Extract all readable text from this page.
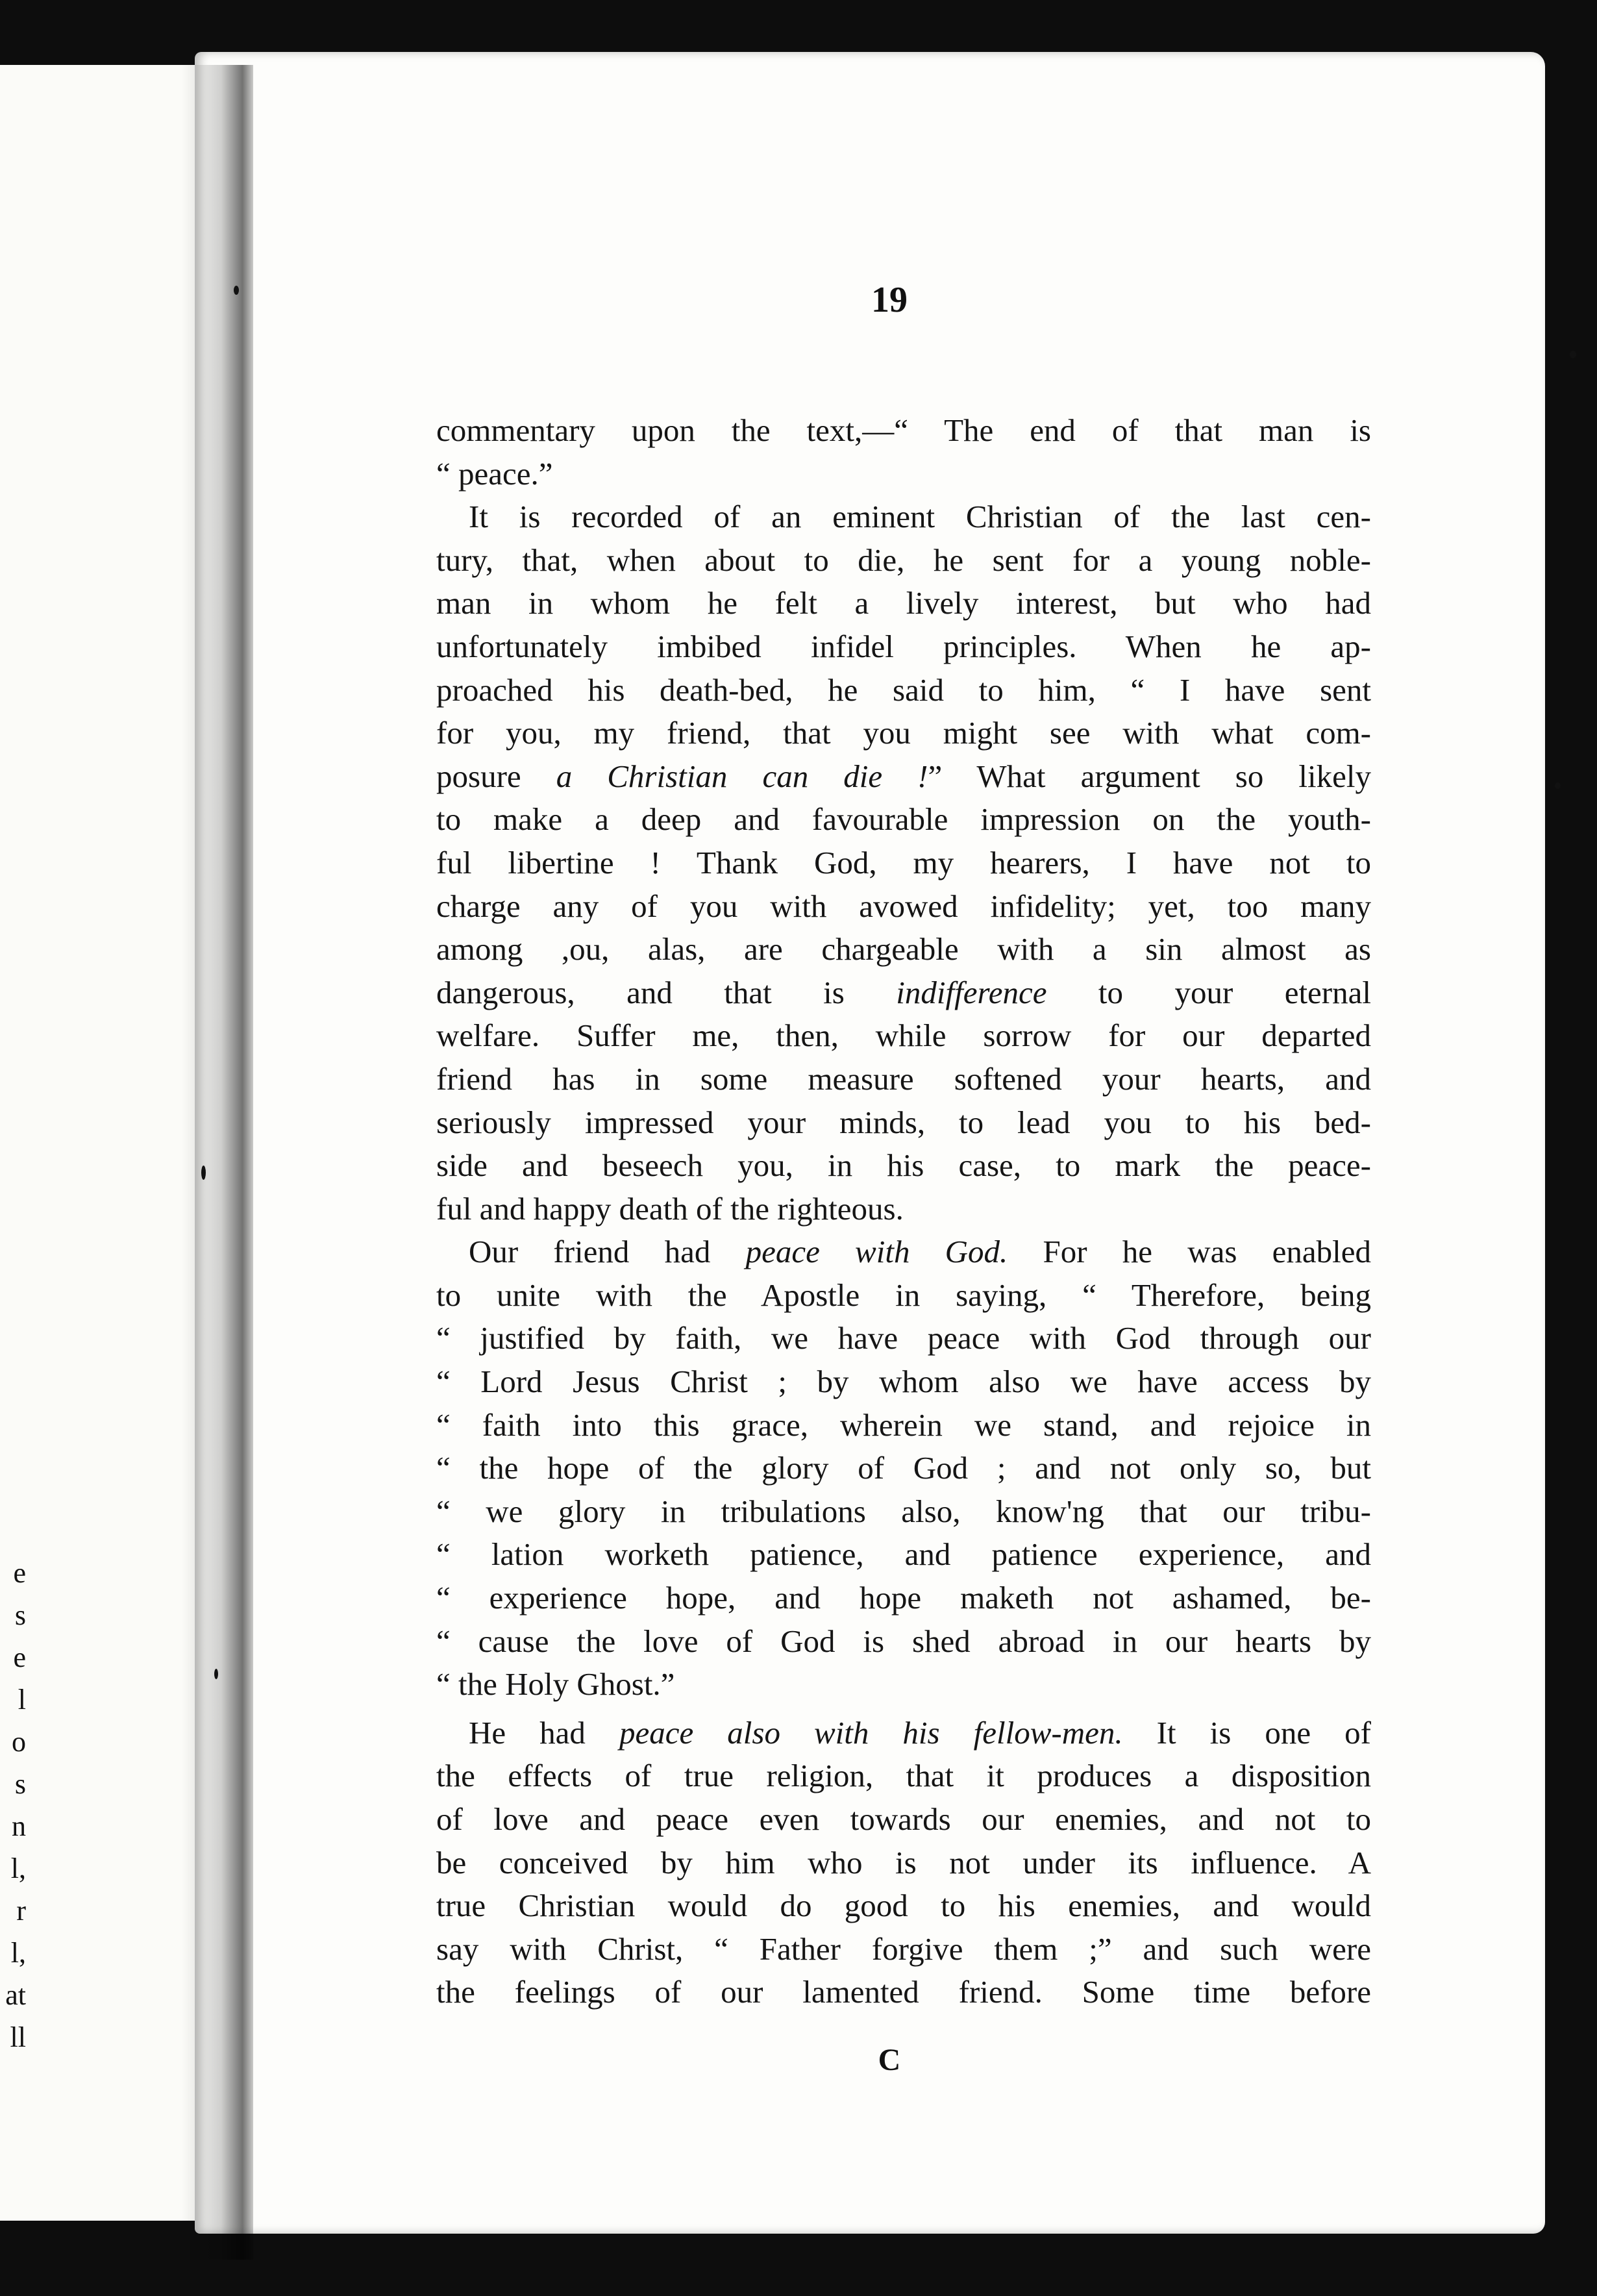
e
s
e
l
o
s
n
l,
r
l,
at
ll
19
commentary upon the text,—“ The end of that man is
“ peace.”
It is recorded of an eminent Christian of the last cen-
tury, that, when about to die, he sent for a young noble-
man in whom he felt a lively interest, but who had
unfortunately imbibed infidel principles. When he ap-
proached his death-bed, he said to him, “ I have sent
for you, my friend, that you might see with what com-
posure a Christian can die !” What argument so likely
to make a deep and favourable impression on the youth-
ful libertine ! Thank God, my hearers, I have not to
charge any of you with avowed infidelity; yet, too many
among ,ou, alas, are chargeable with a sin almost as
dangerous, and that is indifference to your eternal
welfare. Suffer me, then, while sorrow for our departed
friend has in some measure softened your hearts, and
seriously impressed your minds, to lead you to his bed-
side and beseech you, in his case, to mark the peace-
ful and happy death of the righteous.
Our friend had peace with God. For he was enabled
to unite with the Apostle in saying, “ Therefore, being
“ justified by faith, we have peace with God through our
“ Lord Jesus Christ ; by whom also we have access by
“ faith into this grace, wherein we stand, and rejoice in
“ the hope of the glory of God ; and not only so, but
“ we glory in tribulations also, know'ng that our tribu-
“ lation worketh patience, and patience experience, and
“ experience hope, and hope maketh not ashamed, be-
“ cause the love of God is shed abroad in our hearts by
“ the Holy Ghost.”
He had peace also with his fellow-men. It is one of
the effects of true religion, that it produces a disposition
of love and peace even towards our enemies, and not to
be conceived by him who is not under its influence. A
true Christian would do good to his enemies, and would
say with Christ, “ Father forgive them ;” and such were
the feelings of our lamented friend. Some time before
C
